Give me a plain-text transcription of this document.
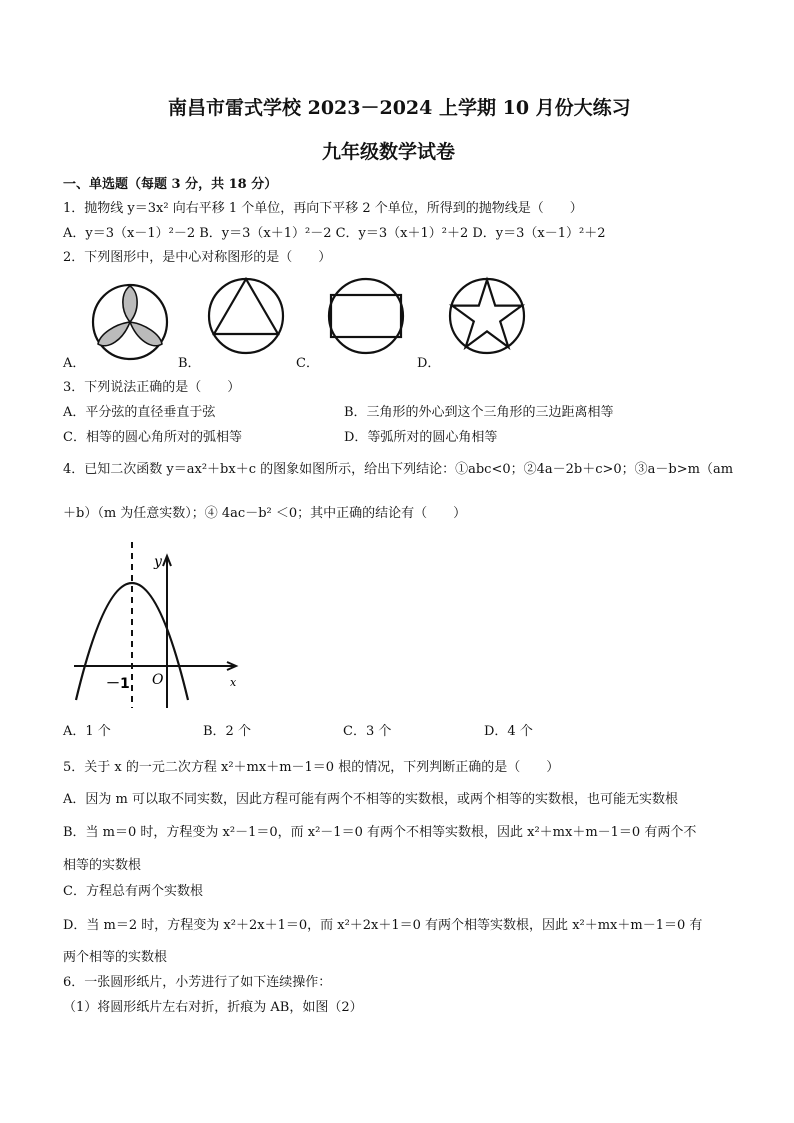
南昌市雷式学校 2023－2024 上学期 10 月份大练习
九年级数学试卷
一、单选题（每题 3 分，共 18 分）
1．抛物线 y＝3x² 向右平移 1 个单位，再向下平移 2 个单位，所得到的抛物线是（　　）
A．y＝3（x－1）²－2 B．y＝3（x＋1）²－2 C．y＝3（x＋1）²＋2 D．y＝3（x－1）²＋2
2．下列图形中，是中心对称图形的是（　　）
A．	B．	C．	D．
3．下列说法正确的是（　　）
A．平分弦的直径垂直于弦	B．三角形的外心到这个三角形的三边距离相等
C．相等的圆心角所对的弧相等	D．等弧所对的圆心角相等
4．已知二次函数 y＝ax²＋bx＋c 的图象如图所示，给出下列结论：①abc<0；②4a－2b＋c>0；③a－b>m（am
＋b）（m 为任意实数）；④ 4ac－b² ＜0；其中正确的结论有（　　）
y
x
－1 O
A．1 个	B．2 个	C．3 个	D．4 个
5．关于 x 的一元二次方程 x²＋mx＋m－1＝0 根的情况，下列判断正确的是（　　）
A．因为 m 可以取不同实数，因此方程可能有两个不相等的实数根，或两个相等的实数根，也可能无实数根
B．当 m＝0 时，方程变为 x²－1＝0，而 x²－1＝0 有两个不相等实数根，因此 x²＋mx＋m－1＝0 有两个不
相等的实数根
C．方程总有两个实数根
D．当 m＝2 时，方程变为 x²＋2x＋1＝0，而 x²＋2x＋1＝0 有两个相等实数根，因此 x²＋mx＋m－1＝0 有
两个相等的实数根
6．一张圆形纸片，小芳进行了如下连续操作：
（1）将圆形纸片左右对折，折痕为 AB，如图（2）
